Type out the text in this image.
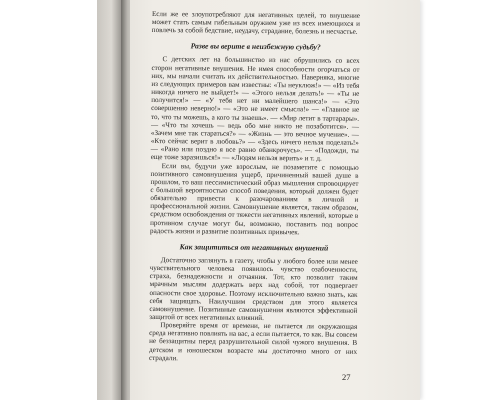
Если же ее злоупотребляют для негативных целей, то внушение может стать самым гибельным оружием уже из всех имеющихся и повлечь за собой бедствие, неудачу, страдание, болезнь и несчастье.

Разве вы верите в неизбежную судьбу?

С детских лет на большинство из нас обрушились со всех сторон негативные внушения. Не имея способности огорчаться от них, мы начали считать их действительностью. Наверняка, многие из следующих примеров вам известны: «Ты неуклюж!» — «Из тебя никогда ничего не выйдет!» — «Этого нельзя делать!» — «Ты не получится!» — «У тебя нет ни малейшего шанса!» — «Это совершенно неверно!» — «Это не имеет смысла!» — «Главное не то, что ты можешь, а кого ты знаешь». — «Мир летит в тартарары». — «Что ты хочешь — ведь обо мне никто не позаботится». — «Зачем мне так стараться?» — «Жизнь — это вечное мучение». — «Кто сейчас верит в любовь?» — «Здесь ничего нельзя поделать!» — «Рано или поздно я все равно обанкрочусь». — «Подожди, ты еще тоже заразишься!» — «Людям нельзя верить» и т. д.

Если вы, будучи уже взрослым, не позаметите с помощью позитивного самовнушения ущерб, причиненный вашей душе в прошлом, то ваш пессимистический образ мышления спровоцирует с большой вероятностью способ поведения, который должен будет обязательно привести к разочарованиям в личной и профессиональной жизни. Самовнушение является, таким образом, средством освобождения от тяжести негативных явлений, которые в противном случае могут бы, возможно, поставить под вопрос радость жизни и развитие позитивных привычек.

Как защититься от негативных внушений

Достаточно заглянуть в газету, чтобы у любого более или менее чувствительного человека появилось чувство озабоченности, страха, безнадежности и отчаяния. Тот, кто позволит таким мрачным мыслям додержать верх над собой, тот подвергает опасности свое здоровье. Поэтому исключительно важно знать, как себя защищать. Наилучшим средством для этого является самовнушение. Позитивные самовнушения являются эффективной защитой от всех негативных влияний.

Проверяйте время от времени, не пытается ли окружающая среда негативно повлиять на вас, а если пытается, то как. Вы совсем не беззащитны перед разрушительной силой чужого внушения. В детском и юношеском возрасте мы достаточно много от них страдали.

27
